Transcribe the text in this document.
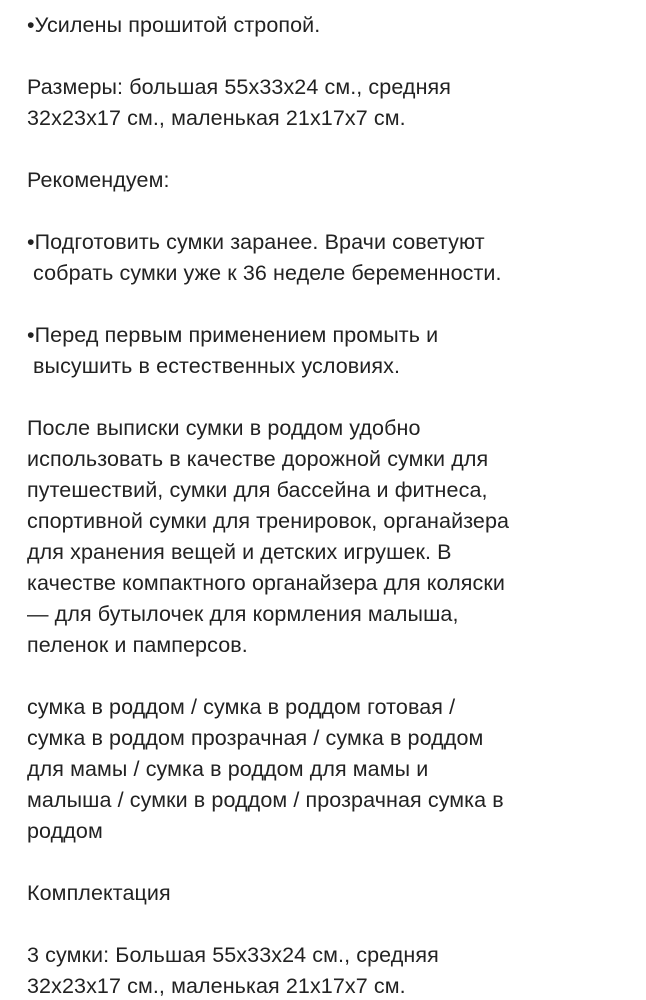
•Усилены прошитой стропой.
Размеры: большая 55х33х24 см., средняя
32х23х17 см., маленькая 21х17х7 см.
Рекомендуем:
•Подготовить сумки заранее. Врачи советуют
собрать сумки уже к 36 неделе беременности.
•Перед первым применением промыть и
высушить в естественных условиях.
После выписки сумки в роддом удобно
использовать в качестве дорожной сумки для
путешествий, сумки для бассейна и фитнеса,
спортивной сумки для тренировок, органайзера
для хранения вещей и детских игрушек. В
качестве компактного органайзера для коляски
— для бутылочек для кормления малыша,
пеленок и памперсов.
сумка в роддом / сумка в роддом готовая /
сумка в роддом прозрачная / сумка в роддом
для мамы / сумка в роддом для мамы и
малыша / сумки в роддом / прозрачная сумка в
роддом
Комплектация
3 сумки: Большая 55х33х24 см., средняя
32х23х17 см., маленькая 21х17х7 см.
